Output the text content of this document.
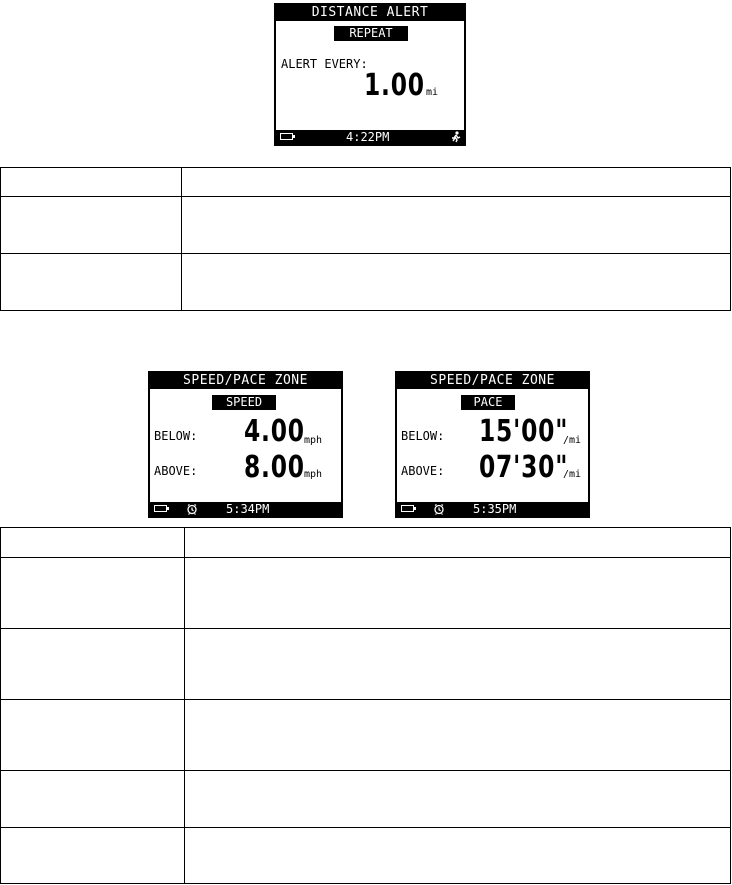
DISTANCE ALERT
REPEAT
ALERT EVERY:
1.00 mi
4:22PM

SPEED/PACE ZONE
SPEED
BELOW: 4.00 mph
ABOVE: 8.00 mph
5:34PM
SPEED/PACE ZONE
PACE
BELOW: 15'00"
/mi
ABOVE: 07'30"
/mi
5:35PM
